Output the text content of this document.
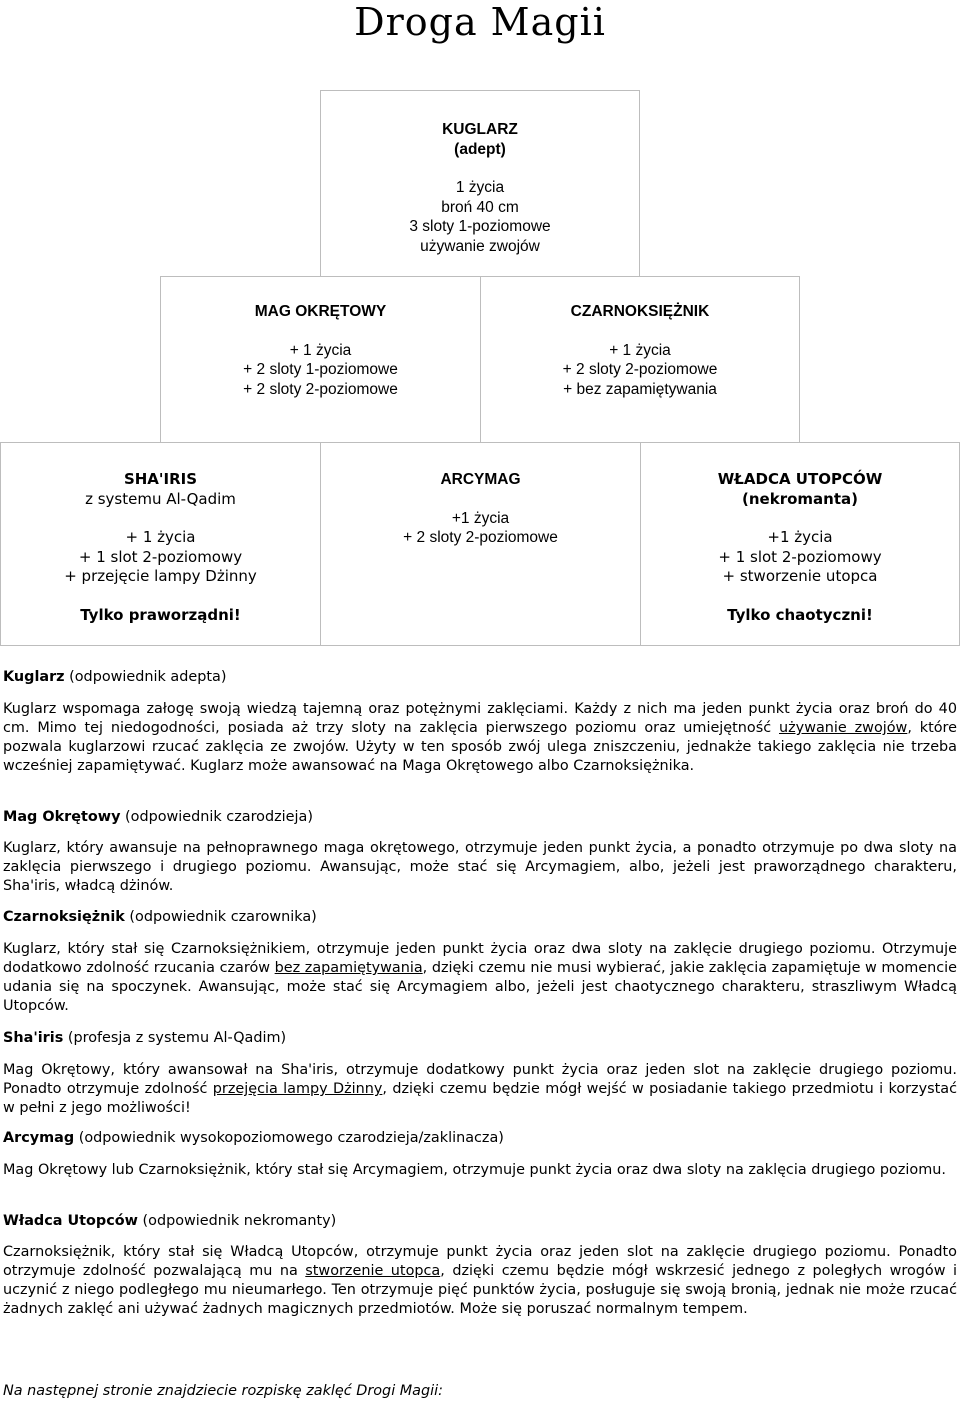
Droga Magii
KUGLARZ
(adept)
1 życia
broń 40 cm
3 sloty 1-poziomowe
używanie zwojów
MAG OKRĘTOWY
+ 1 życia
+ 2 sloty 1-poziomowe
+ 2 sloty 2-poziomowe
CZARNOKSIĘŻNIK
+ 1 życia
+ 2 sloty 2-poziomowe
+ bez zapamiętywania
SHA'IRIS
z systemu Al-Qadim
+ 1 życia
+ 1 slot 2-poziomowy
+ przejęcie lampy Dżinny
Tylko praworządni!
ARCYMAG
+1 życia
+ 2 sloty 2-poziomowe
WŁADCA UTOPCÓW
(nekromanta)
+1 życia
+ 1 slot 2-poziomowy
+ stworzenie utopca
Tylko chaotyczni!
Kuglarz (odpowiednik adepta)

Kuglarz wspomaga załogę swoją wiedzą tajemną oraz potężnymi zaklęciami. Każdy z nich ma jeden punkt życia oraz broń do 40 cm. Mimo tej niedogodności, posiada aż trzy sloty na zaklęcia pierwszego poziomu oraz umiejętność używanie zwojów, które pozwala kuglarzowi rzucać zaklęcia ze zwojów. Użyty w ten sposób zwój ulega zniszczeniu, jednakże takiego zaklęcia nie trzeba wcześniej zapamiętywać. Kuglarz może awansować na Maga Okrętowego albo Czarnoksiężnika.

Mag Okrętowy (odpowiednik czarodzieja)

Kuglarz, który awansuje na pełnoprawnego maga okrętowego, otrzymuje jeden punkt życia, a ponadto otrzymuje po dwa sloty na zaklęcia pierwszego i drugiego poziomu. Awansując, może stać się Arcymagiem, albo, jeżeli jest praworządnego charakteru, Sha'iris, władcą dżinów.

Czarnoksiężnik (odpowiednik czarownika)

Kuglarz, który stał się Czarnoksiężnikiem, otrzymuje jeden punkt życia oraz dwa sloty na zaklęcie drugiego poziomu. Otrzymuje dodatkowo zdolność rzucania czarów bez zapamiętywania, dzięki czemu nie musi wybierać, jakie zaklęcia zapamiętuje w momencie udania się na spoczynek. Awansując, może stać się Arcymagiem albo, jeżeli jest chaotycznego charakteru, straszliwym Władcą Utopców.

Sha'iris (profesja z systemu Al-Qadim)

Mag Okrętowy, który awansował na Sha'iris, otrzymuje dodatkowy punkt życia oraz jeden slot na zaklęcie drugiego poziomu. Ponadto otrzymuje zdolność przejęcia lampy Dżinny, dzięki czemu będzie mógł wejść w posiadanie takiego przedmiotu i korzystać w pełni z jego możliwości!

Arcymag (odpowiednik wysokopoziomowego czarodzieja/zaklinacza)

Mag Okrętowy lub Czarnoksiężnik, który stał się Arcymagiem, otrzymuje punkt życia oraz dwa sloty na zaklęcia drugiego poziomu.

Władca Utopców (odpowiednik nekromanty)

Czarnoksiężnik, który stał się Władcą Utopców, otrzymuje punkt życia oraz jeden slot na zaklęcie drugiego poziomu. Ponadto otrzymuje zdolność pozwalającą mu na stworzenie utopca, dzięki czemu będzie mógł wskrzesić jednego z poległych wrogów i uczynić z niego podległego mu nieumarłego. Ten otrzymuje pięć punktów życia, posługuje się swoją bronią, jednak nie może rzucać żadnych zaklęć ani używać żadnych magicznych przedmiotów. Może się poruszać normalnym tempem.

Na następnej stronie znajdziecie rozpiskę zaklęć Drogi Magii:
